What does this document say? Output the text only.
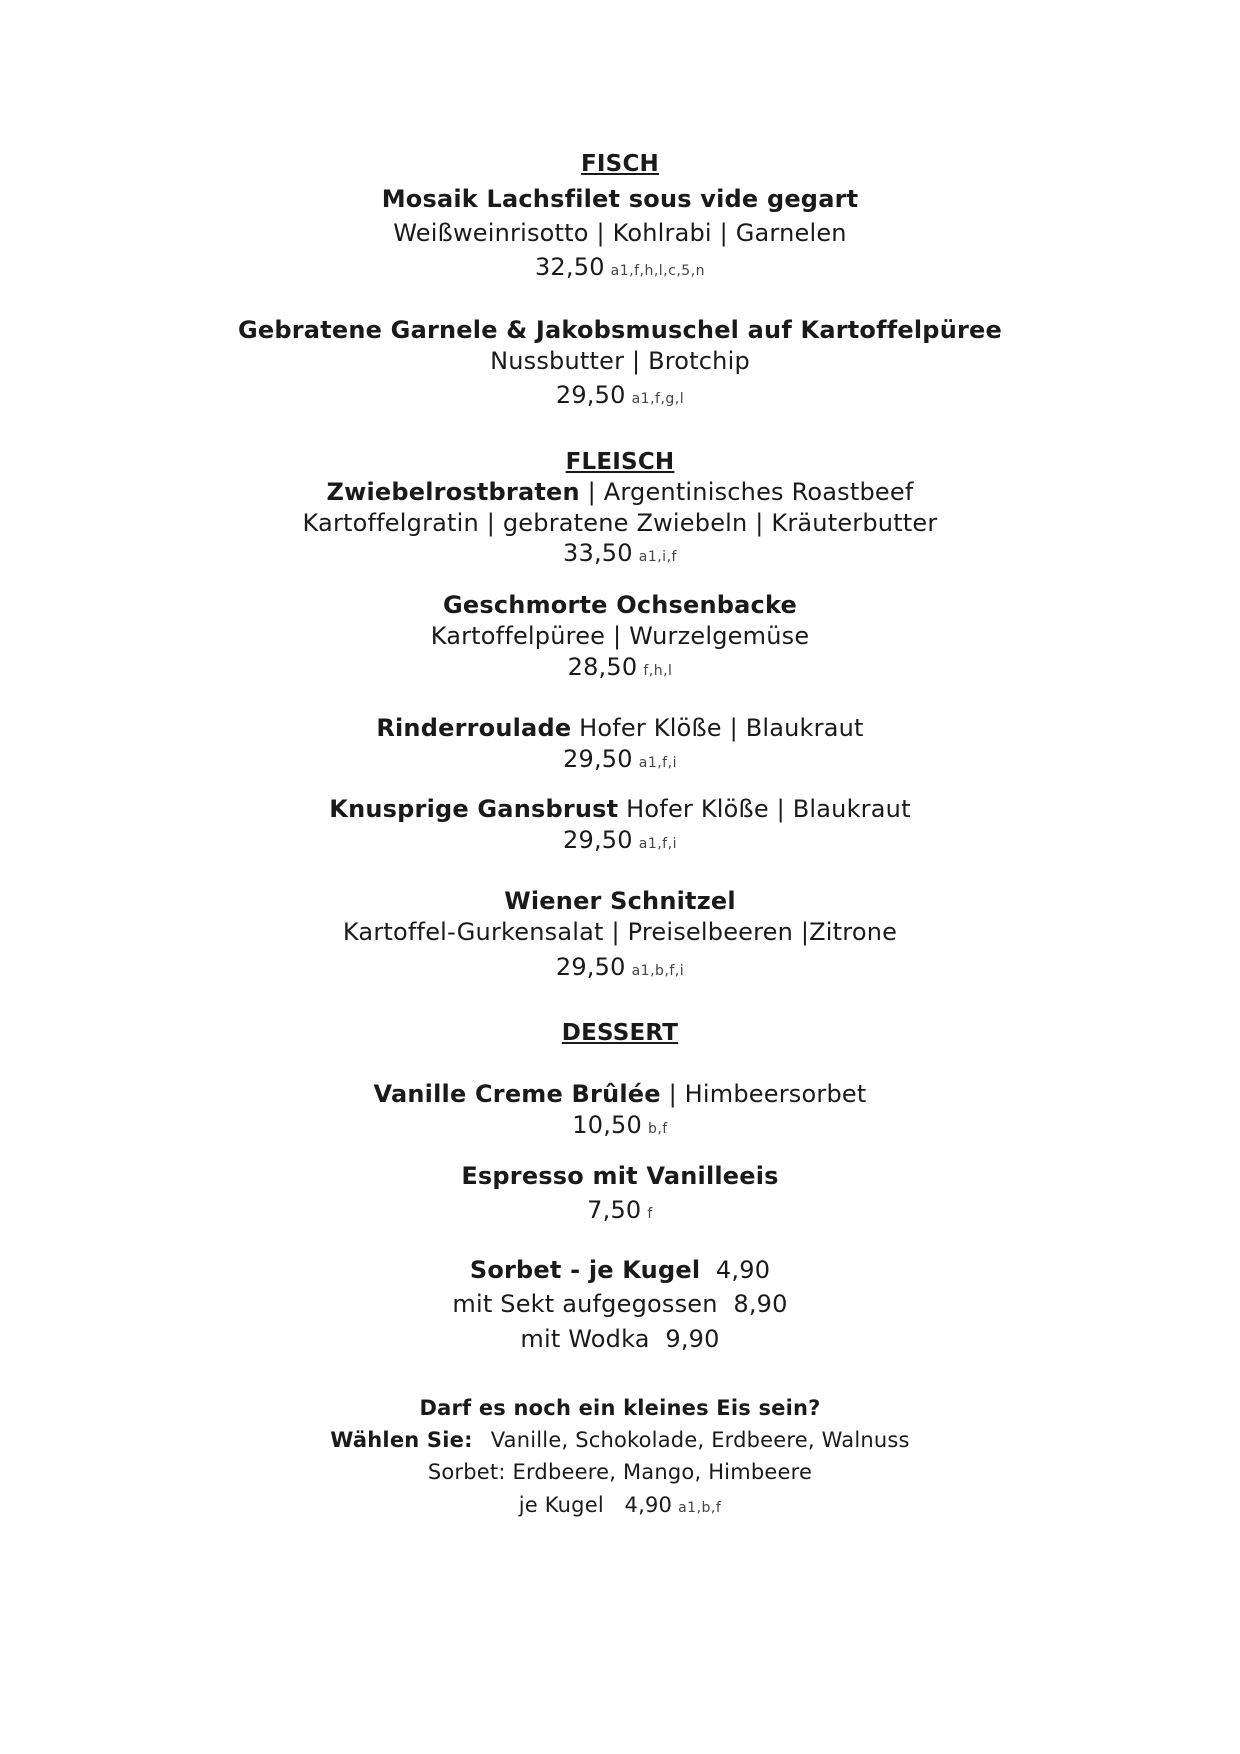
FISCH
Mosaik Lachsfilet sous vide gegart
Weißweinrisotto | Kohlrabi | Garnelen
32,50 a1,f,h,l,c,5,n
Gebratene Garnele & Jakobsmuschel auf Kartoffelpüree
Nussbutter | Brotchip
29,50 a1,f,g,l
FLEISCH
Zwiebelrostbraten | Argentinisches Roastbeef
Kartoffelgratin | gebratene Zwiebeln | Kräuterbutter
33,50 a1,i,f
Geschmorte Ochsenbacke
Kartoffelpüree | Wurzelgemüse
28,50 f,h,l
Rinderroulade Hofer Klöße | Blaukraut
29,50 a1,f,i
Knusprige Gansbrust Hofer Klöße | Blaukraut
29,50 a1,f,i
Wiener Schnitzel
Kartoffel-Gurkensalat | Preiselbeeren |Zitrone
29,50 a1,b,f,i
DESSERT
Vanille Creme Brûlée | Himbeersorbet
10,50 b,f
Espresso mit Vanilleeis
7,50 f
Sorbet - je Kugel 4,90
mit Sekt aufgegossen 8,90
mit Wodka 9,90
Darf es noch ein kleines Eis sein?
Wählen Sie: Vanille, Schokolade, Erdbeere, Walnuss
Sorbet: Erdbeere, Mango, Himbeere
je Kugel 4,90 a1,b,f
